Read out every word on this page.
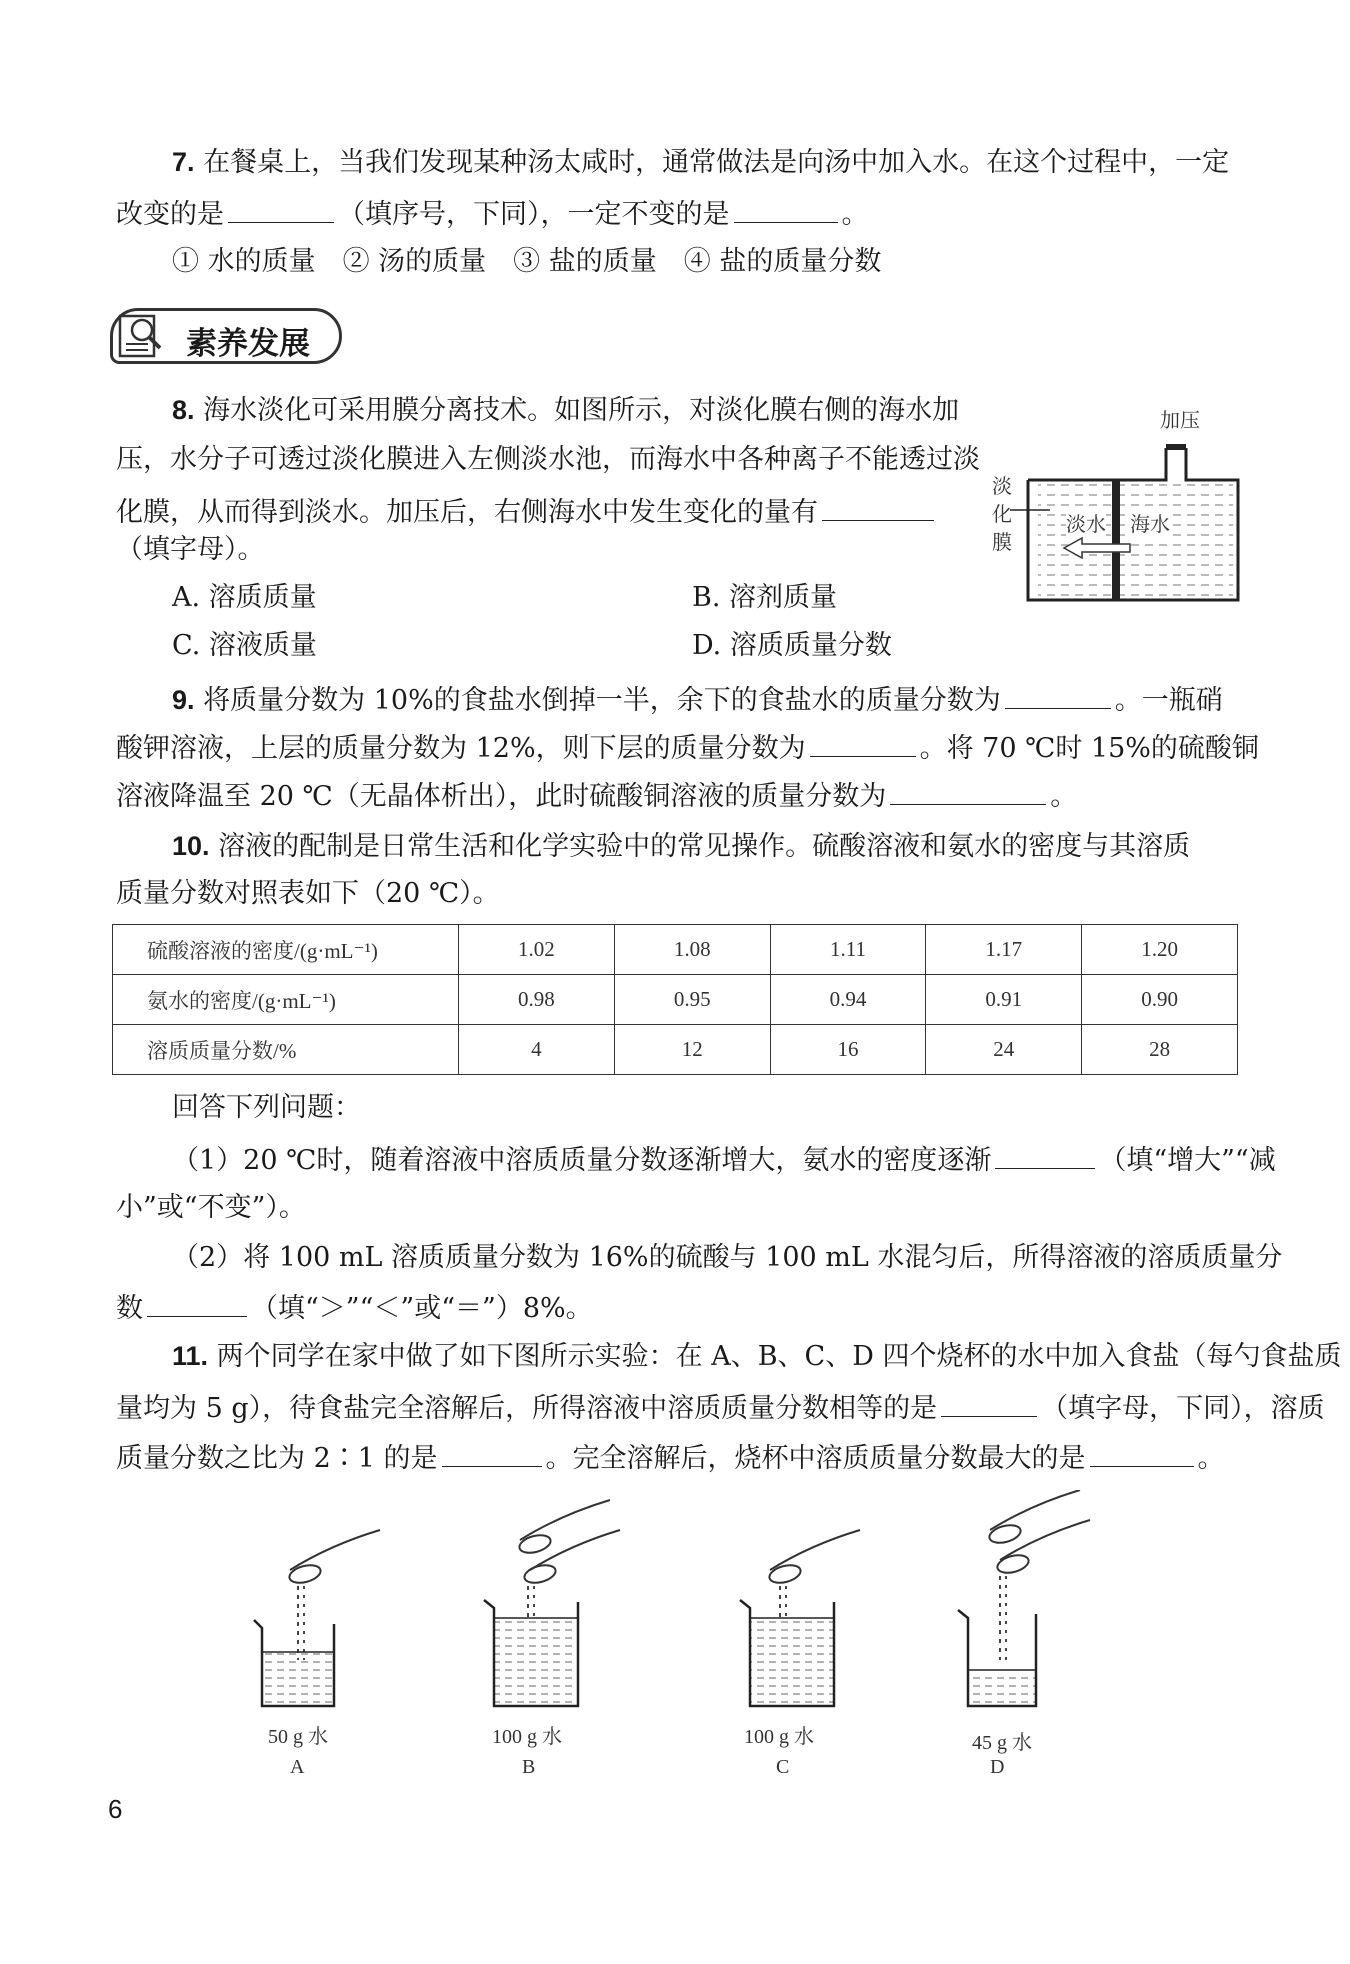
7. 在餐桌上，当我们发现某种汤太咸时，通常做法是向汤中加入水。在这个过程中，一定
改变的是	（填序号，下同），一定不变的是	。
① 水的质量　② 汤的质量　③ 盐的质量　④ 盐的质量分数
素养发展
8. 海水淡化可采用膜分离技术。如图所示，对淡化膜右侧的海水加
压，水分子可透过淡化膜进入左侧淡水池，而海水中各种离子不能透过淡
化膜，从而得到淡水。加压后，右侧海水中发生变化的量有
（填字母）。
A. 溶质质量	B. 溶剂质量
C. 溶液质量	D. 溶质质量分数
加压
淡
化
膜
淡水 海水
9. 将质量分数为 10%的食盐水倒掉一半，余下的食盐水的质量分数为	。一瓶硝
酸钾溶液，上层的质量分数为 12%，则下层的质量分数为	。将 70 ℃时 15%的硫酸铜
溶液降温至 20 ℃（无晶体析出），此时硫酸铜溶液的质量分数为	。
10. 溶液的配制是日常生活和化学实验中的常见操作。硫酸溶液和氨水的密度与其溶质
质量分数对照表如下（20 ℃）。
硫酸溶液的密度/(g·mL⁻¹)	1.02	1.08	1.11	1.17	1.20
氨水的密度/(g·mL⁻¹)	0.98	0.95	0.94	0.91	0.90
溶质质量分数/%	4	12	16	24	28
回答下列问题：
（1）20 ℃时，随着溶液中溶质质量分数逐渐增大，氨水的密度逐渐	（填“增大”“减
小”或“不变”）。
（2）将 100 mL 溶质质量分数为 16%的硫酸与 100 mL 水混匀后，所得溶液的溶质质量分
数	（填“＞”“＜”或“＝”）8%。
11. 两个同学在家中做了如下图所示实验：在 A、B、C、D 四个烧杯的水中加入食盐（每勺食盐质
量均为 5 g），待食盐完全溶解后，所得溶液中溶质质量分数相等的是	（填字母，下同），溶质
质量分数之比为 2∶1 的是	。完全溶解后，烧杯中溶质质量分数最大的是	。
50 g 水
A
100 g 水
B
100 g 水
C
45 g 水
D
6
